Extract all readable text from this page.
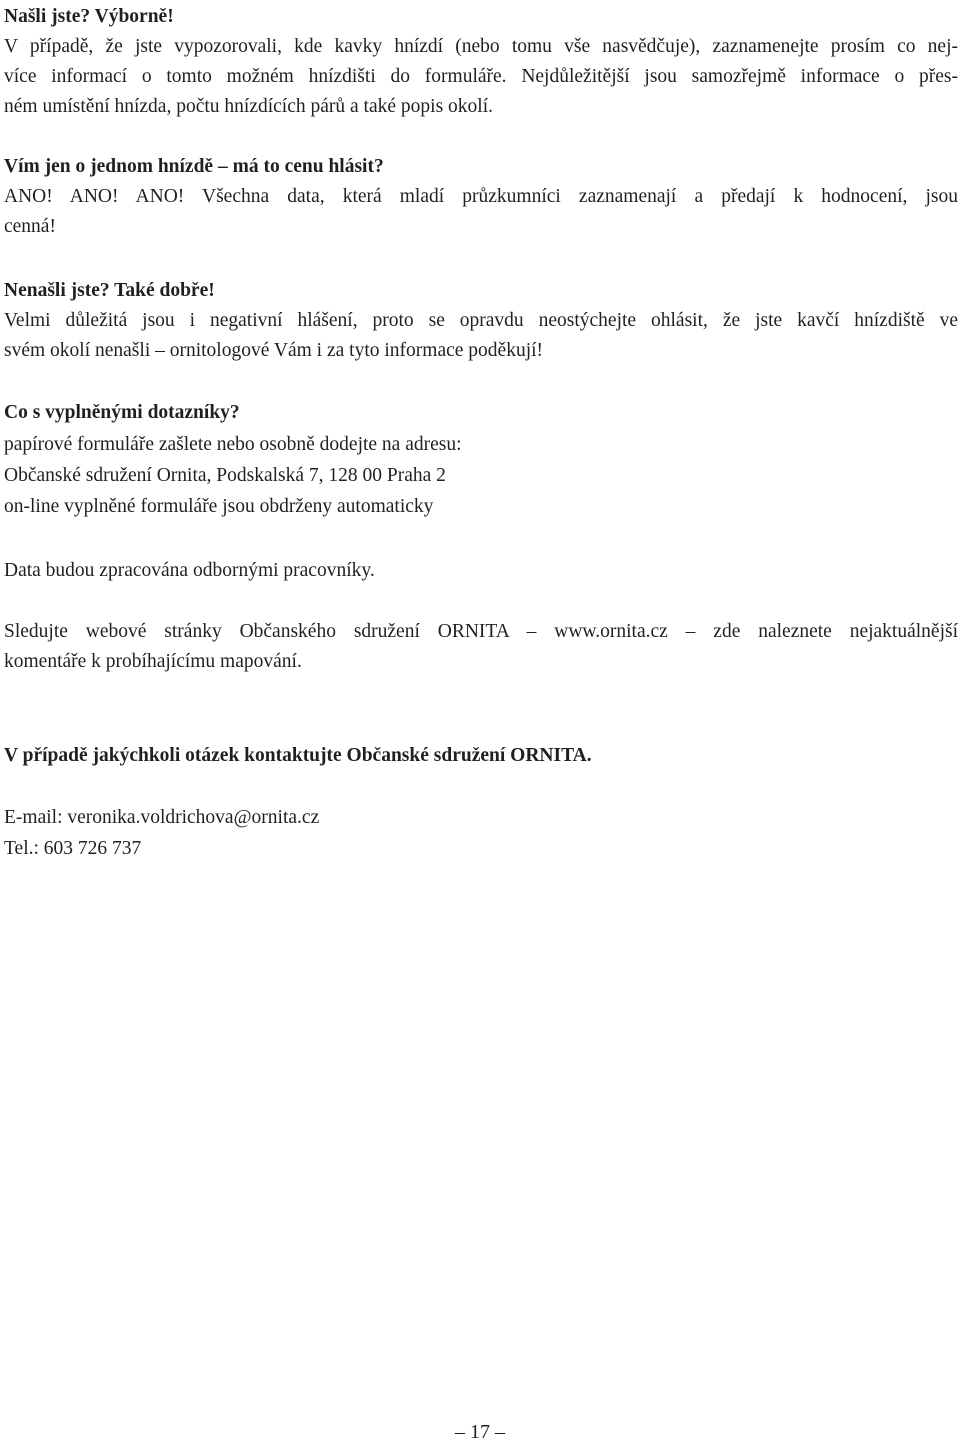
Našli jste? Výborně!
V případě, že jste vypozorovali, kde kavky hnízdí (nebo tomu vše nasvědčuje), zaznamenejte prosím co nej-
více informací o tomto možném hnízdišti do formuláře. Nejdůležitější jsou samozřejmě informace o přes-
ném umístění hnízda, počtu hnízdících párů a také popis okolí.
Vím jen o jednom hnízdě – má to cenu hlásit?
ANO! ANO! ANO! Všechna data, která mladí průzkumníci zaznamenají a předají k hodnocení, jsou
cenná!
Nenašli jste? Také dobře!
Velmi důležitá jsou i negativní hlášení, proto se opravdu neostýchejte ohlásit, že jste kavčí hnízdiště ve
svém okolí nenašli – ornitologové Vám i za tyto informace poděkují!
Co s vyplněnými dotazníky?
papírové formuláře zašlete nebo osobně dodejte na adresu:
Občanské sdružení Ornita, Podskalská 7, 128 00 Praha 2
on-line vyplněné formuláře jsou obdrženy automaticky
Data budou zpracována odbornými pracovníky.
Sledujte webové stránky Občanského sdružení ORNITA – www.ornita.cz – zde naleznete nejaktuálnější
komentáře k probíhajícímu mapování.
V případě jakýchkoli otázek kontaktujte Občanské sdružení ORNITA.
E-mail: veronika.voldrichova@ornita.cz
Tel.: 603 726 737
– 17 –
